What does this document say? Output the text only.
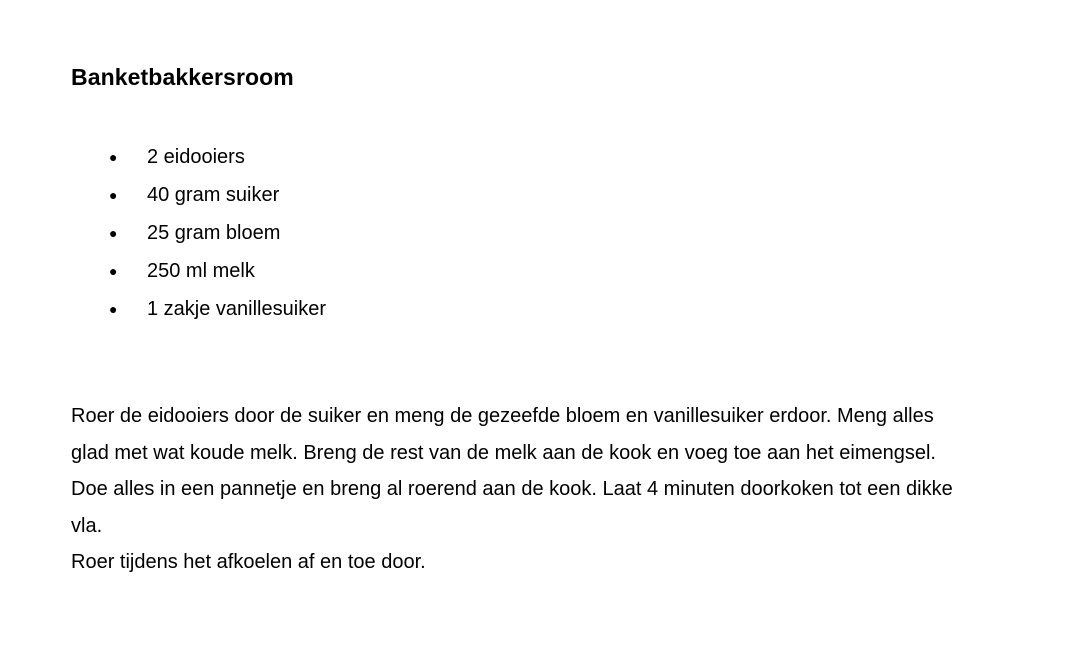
Banketbakkersroom
● 2 eidooiers
● 40 gram suiker
● 25 gram bloem
● 250 ml melk
● 1 zakje vanillesuiker

Roer de eidooiers door de suiker en meng de gezeefde bloem en vanillesuiker erdoor. Meng alles
glad met wat koude melk. Breng de rest van de melk aan de kook en voeg toe aan het eimengsel.
Doe alles in een pannetje en breng al roerend aan de kook. Laat 4 minuten doorkoken tot een dikke
vla.
Roer tijdens het afkoelen af en toe door.
